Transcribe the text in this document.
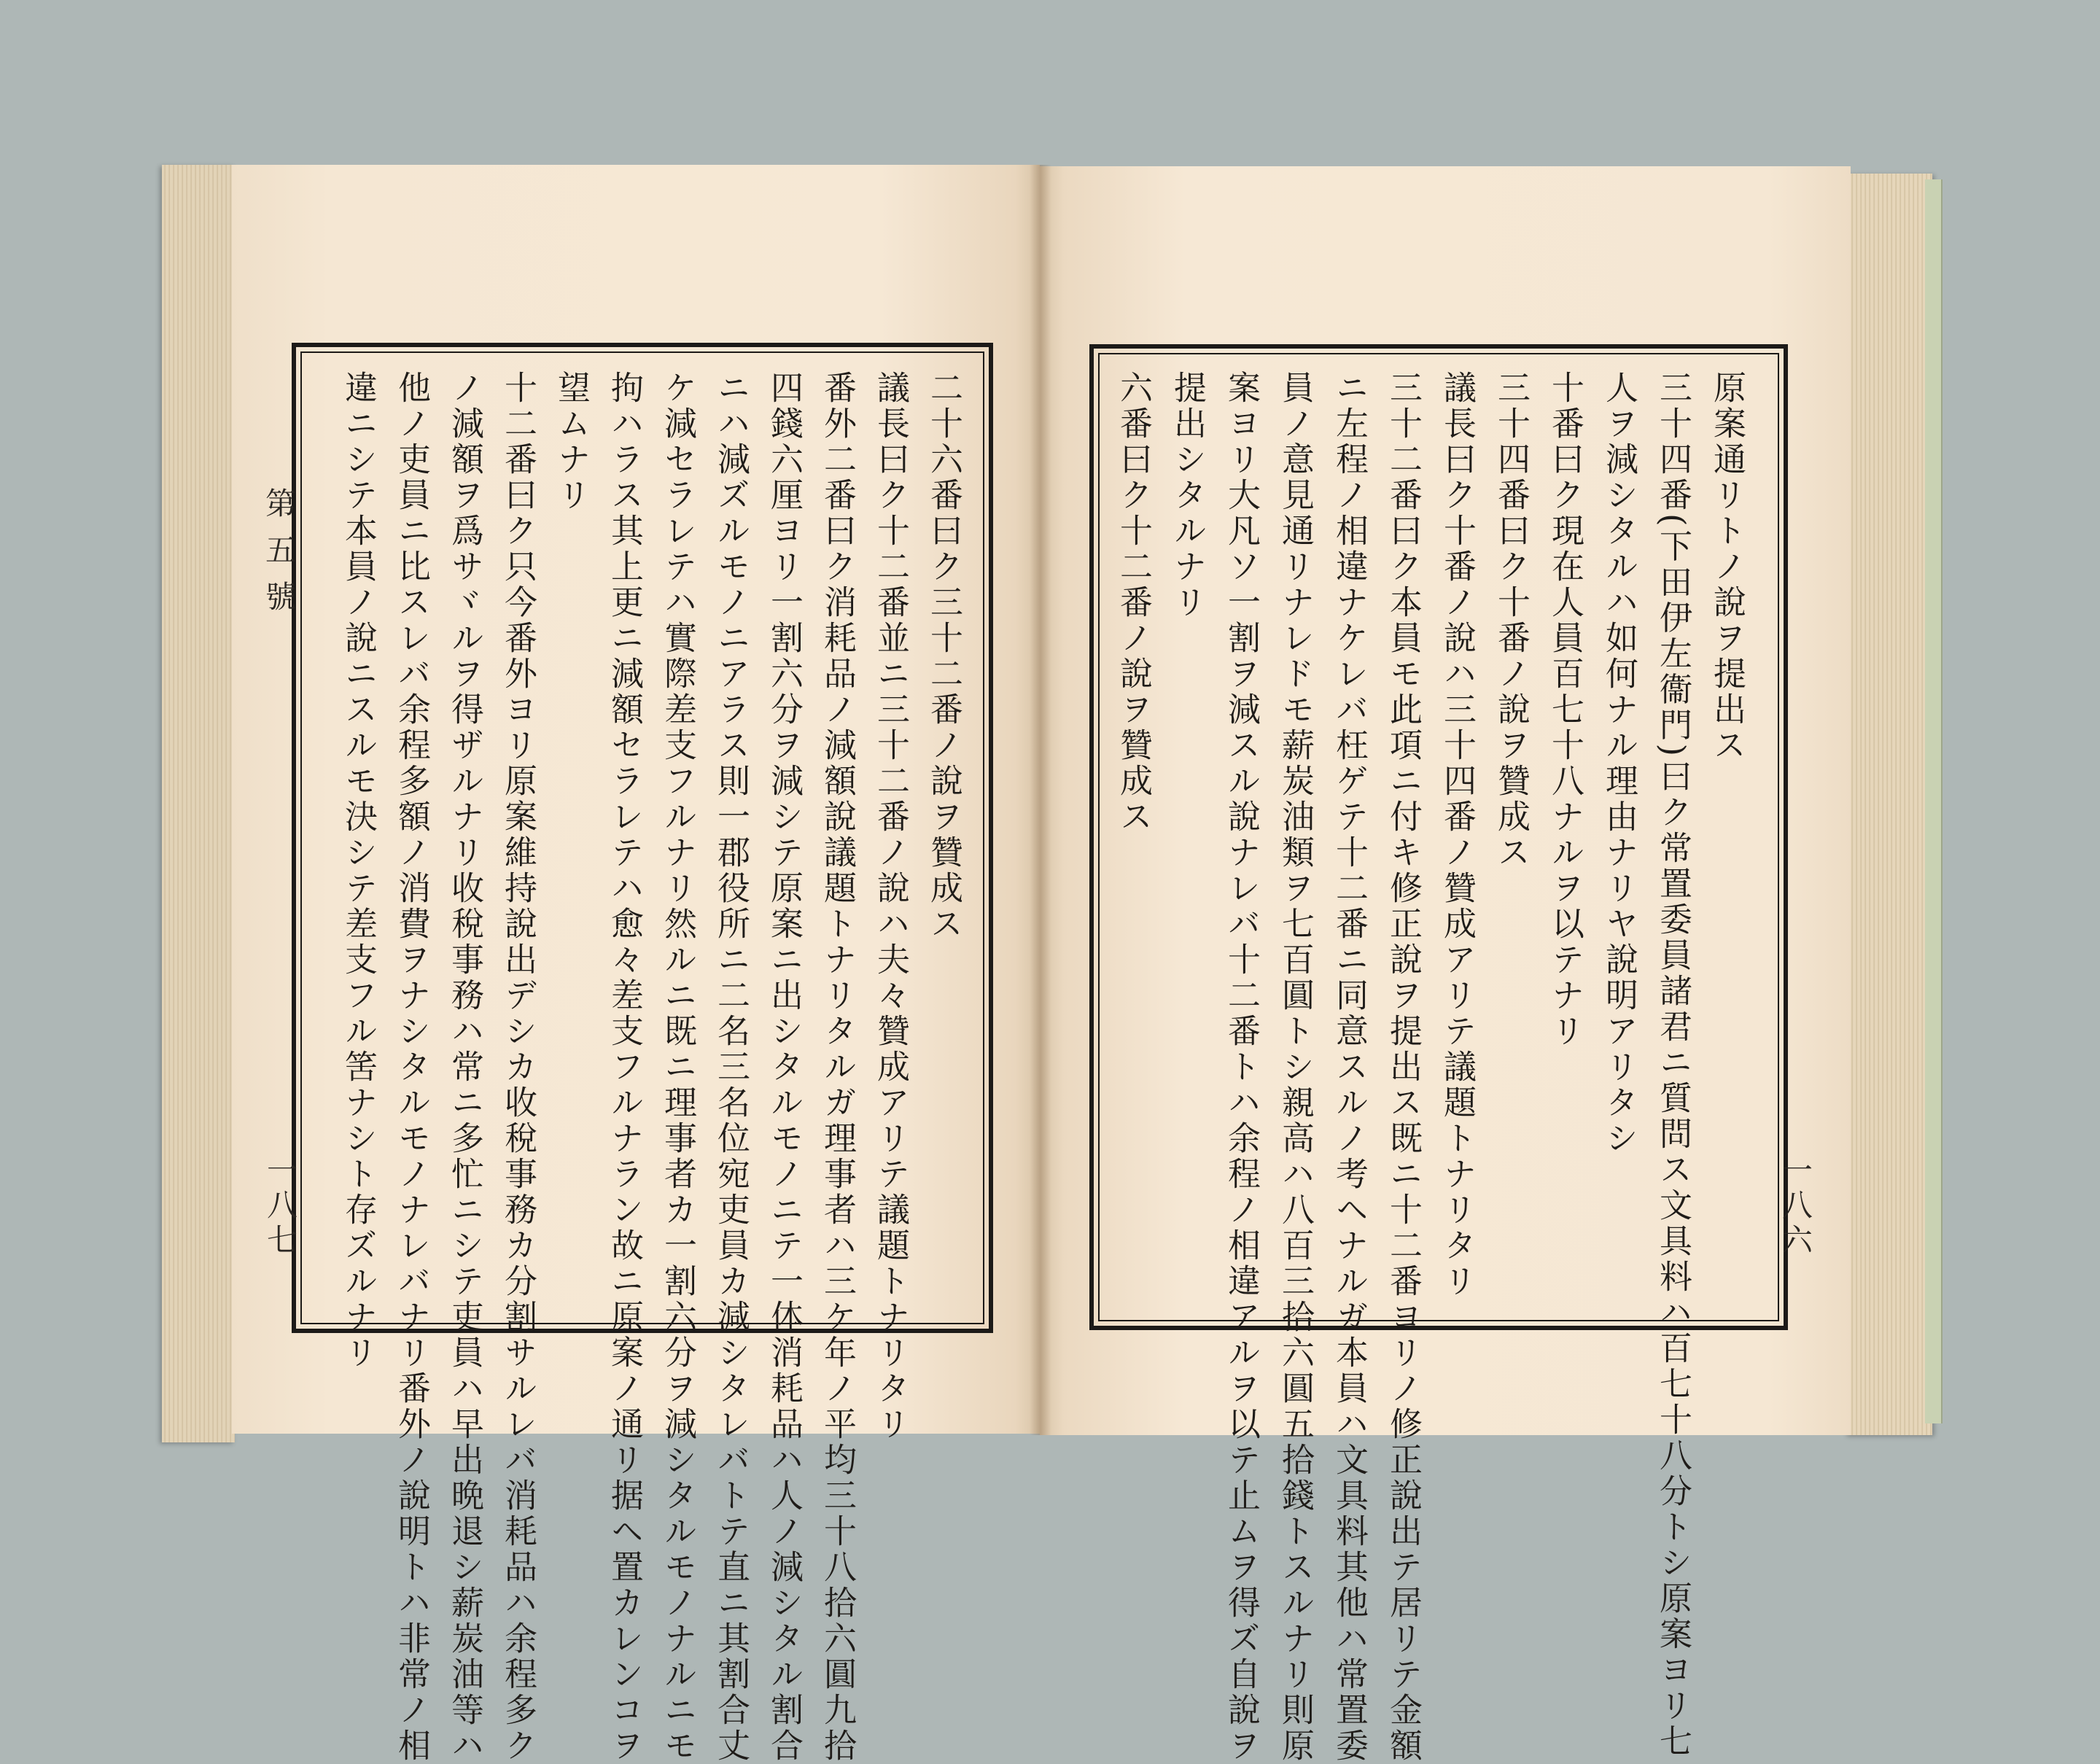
第五號
一八七	一八六
二十六番曰ク三十二番ノ說ヲ贊成ス
議長曰ク十二番並ニ三十二番ノ說ハ夫々贊成アリテ議題トナリタリ
番外二番曰ク消耗品ノ減額說議題トナリタルガ理事者ハ三ケ年ノ平均三十八拾六圓九拾
四錢六厘ヨリ一割六分ヲ減シテ原案ニ出シタルモノニテ一体消耗品ハ人ノ減シタル割合
ニハ減ズルモノニアラス則一郡役所ニ二名三名位宛吏員カ減シタレバトテ直ニ其割合丈
ケ減セラレテハ實際差支フルナリ然ルニ既ニ理事者カ一割六分ヲ減シタルモノナルニモ
拘ハラス其上更ニ減額セラレテハ愈々差支フルナラン故ニ原案ノ通リ据ヘ置カレンコヲ
望ムナリ
十二番曰ク只今番外ヨリ原案維持說出デシカ收稅事務カ分割サルレバ消耗品ハ余程多ク
ノ減額ヲ爲サヾルヲ得ザルナリ收稅事務ハ常ニ多忙ニシテ吏員ハ早出晩退シ薪炭油等ハ
他ノ吏員ニ比スレバ余程多額ノ消費ヲナシタルモノナレバナリ番外ノ說明トハ非常ノ相	原案通リトノ說ヲ提出ス
三十四番(下田伊左衞門)曰ク常置委員諸君ニ質問ス文具料ハ百七十八分トシ原案ヨリ七
人ヲ減シタルハ如何ナル理由ナリヤ說明アリタシ
十番曰ク現在人員百七十八ナルヲ以テナリ
三十四番曰ク十番ノ說ヲ贊成ス
議長曰ク十番ノ說ハ三十四番ノ贊成アリテ議題トナリタリ
三十二番曰ク本員モ此項ニ付キ修正說ヲ提出ス既ニ十二番ヨリノ修正說出テ居リテ金額
ニ左程ノ相違ナケレバ枉ゲテ十二番ニ同意スルノ考ヘナルガ本員ハ文具料其他ハ常置委
員ノ意見通リナレドモ薪炭油類ヲ七百圓トシ親高ハ八百三拾六圓五拾錢トスルナリ則原
案ヨリ大凡ソ一割ヲ減スル說ナレバ十二番トハ余程ノ相違アルヲ以テ止ムヲ得ズ自說ヲ
提出シタルナリ
六番曰ク十二番ノ說ヲ贊成ス
違ニシテ本員ノ說ニスルモ決シテ差支フル筈ナシト存ズルナリ
